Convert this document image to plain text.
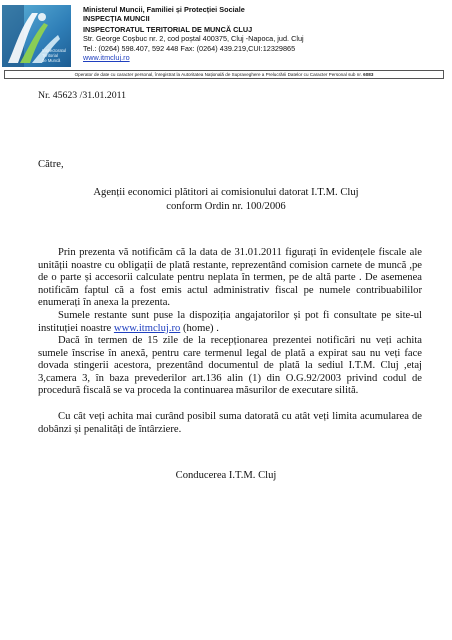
Inspectoratul
Teritorial
de Muncă
Ministerul Muncii, Familiei și Protecției Sociale
INSPECȚIA MUNCII
INSPECTORATUL TERITORIAL DE MUNCĂ CLUJ
Str. George Coșbuc nr. 2, cod poștal 400375, Cluj -Napoca, jud. Cluj
Tel.: (0264) 598.407, 592 448 Fax: (0264) 439.219,CUI:12329865
www.itmcluj.ro
Operator de date cu caracter personal, înregistrat la Autoritatea Națională de Supraveghere a Prelucrării Datelor cu Caracter Personal sub nr. 6083
Nr. 45623 /31.01.2011
Către,
Agenții economici plătitori ai comisionului datorat I.T.M. Cluj
conform Ordin nr. 100/2006

Prin prezenta vă notificăm că la data de 31.01.2011 figurați în evidențele fiscale ale unității noastre cu obligații de plată restante, reprezentând comision carnete de muncă ,pe de o parte și accesorii calculate pentru neplata în termen, pe de altă parte . De asemenea notificăm faptul că a fost emis actul administrativ fiscal pe numele contribuabililor enumerați în anexa la prezenta.

Sumele restante sunt puse la dispoziția angajatorilor și pot fi consultate pe site-ul instituției noastre www.itmcluj.ro (home) .

Dacă în termen de 15 zile de la recepționarea prezentei notificări nu veți achita sumele înscrise în anexă, pentru care termenul legal de plată a expirat sau nu veți face dovada stingerii acestora, prezentând documentul de plată la sediul I.T.M. Cluj ,etaj 3,camera 3, în baza prevederilor art.136 alin (1) din O.G.92/2003 privind codul de procedură fiscală se va proceda la continuarea măsurilor de executare silită.

Cu cât veți achita mai curând posibil suma datorată cu atât veți limita acumularea de dobânzi și penalități de întârziere.

Conducerea I.T.M. Cluj
